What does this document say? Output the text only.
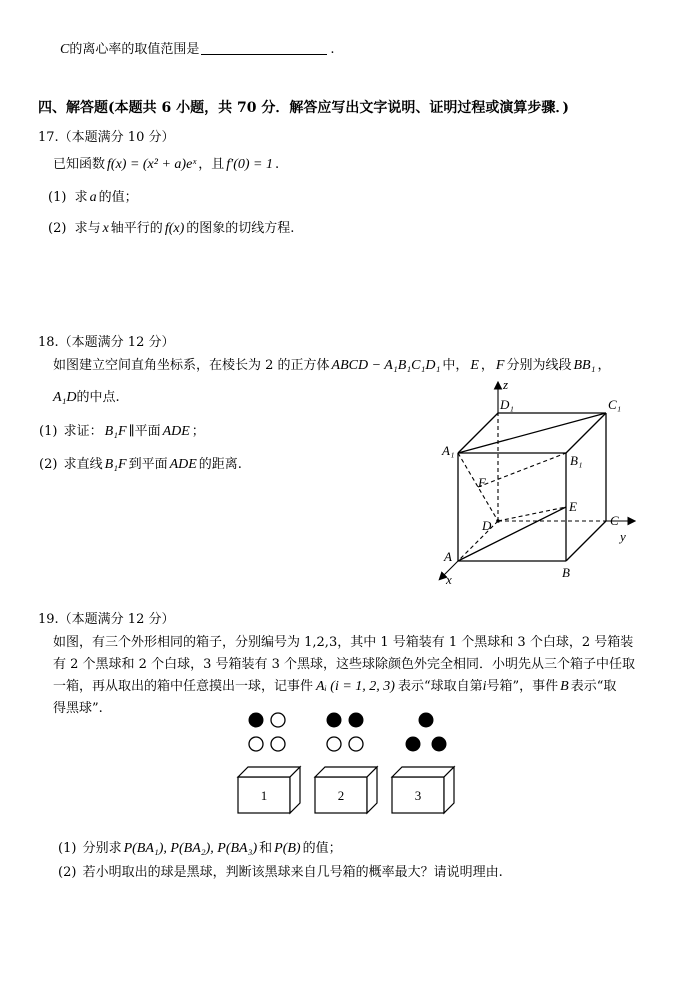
C的离心率的取值范围是	.
四、解答题(本题共 6 小题，共 70 分．解答应写出文字说明、证明过程或演算步骤．)
17.（本题满分 10 分）
已知函数 f(x) = (x² + a)eˣ ，且 f′(0) = 1 .
(1) 求 a 的值；
(2) 求与 x 轴平行的 f(x) 的图象的切线方程.
18.（本题满分 12 分）
如图建立空间直角坐标系，在棱长为 2 的正方体 ABCD − A₁B₁C₁D₁ 中， E ， F 分别为线段 BB₁ ，
A₁D的中点.
(1) 求证： B₁F ∥平面 ADE ；
(2) 求直线 B₁F 到平面 ADE 的距离.
z
D₁	C₁
A₁
B₁
F
E
D	C
y
A
B
x
19.（本题满分 12 分）
如图，有三个外形相同的箱子，分别编号为 1,2,3，其中 1 号箱装有 1 个黑球和 3 个白球，2 号箱装
有 2 个黑球和 2 个白球，3 号箱装有 3 个黑球，这些球除颜色外完全相同．小明先从三个箱子中任取
一箱，再从取出的箱中任意摸出一球，记事件 Aᵢ (i = 1, 2, 3) 表示“球取自第i号箱”，事件 B 表示“取
得黑球”.
1	2	3
(1) 分别求 P(BA₁), P(BA₂), P(BA₃) 和 P(B) 的值；
(2) 若小明取出的球是黑球，判断该黑球来自几号箱的概率最大？请说明理由.
